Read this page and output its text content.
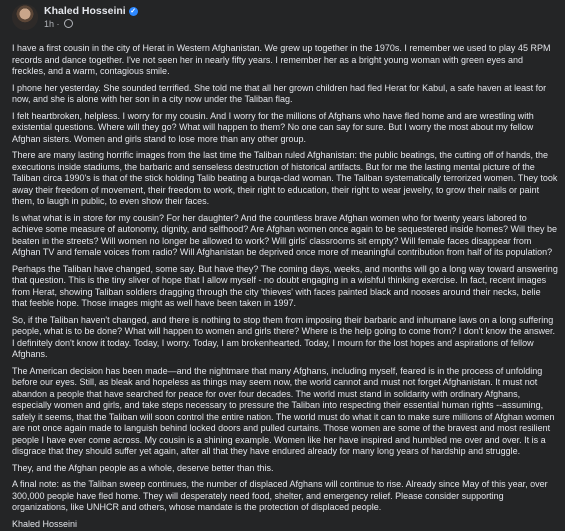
Khaled Hosseini ✓
1h ·

I have a first cousin in the city of Herat in Western Afghanistan. We grew up together in the 1970s. I remember we used to play 45 RPM records and dance together. I've not seen her in nearly fifty years. I remember her as a bright young woman with green eyes and freckles, and a warm, contagious smile.

I phone her yesterday. She sounded terrified. She told me that all her grown children had fled Herat for Kabul, a safe haven at least for now, and she is alone with her son in a city now under the Taliban flag.

I felt heartbroken, helpless. I worry for my cousin. And I worry for the millions of Afghans who have fled home and are wrestling with existential questions. Where will they go? What will happen to them? No one can say for sure. But I worry the most about my fellow Afghan sisters. Women and girls stand to lose more than any other group.

There are many lasting horrific images from the last time the Taliban ruled Afghanistan: the public beatings, the cutting off of hands, the executions inside stadiums, the barbaric and senseless destruction of historical artifacts. But for me the lasting mental picture of the Taliban circa 1990's is that of the stick holding Talib beating a burqa-clad woman. The Taliban systematically terrorized women. They took away their freedom of movement, their freedom to work, their right to education, their right to wear jewelry, to grow their nails or paint them, to laugh in public, to even show their faces.

Is what what is in store for my cousin? For her daughter? And the countless brave Afghan women who for twenty years labored to achieve some measure of autonomy, dignity, and selfhood? Are Afghan women once again to be sequestered inside homes? Will they be beaten in the streets? Will women no longer be allowed to work? Will girls' classrooms sit empty? Will female faces disappear from Afghan TV and female voices from radio? Will Afghanistan be deprived once more of meaningful contribution from half of its population?

Perhaps the Taliban have changed, some say. But have they? The coming days, weeks, and months will go a long way toward answering that question. This is the tiny sliver of hope that I allow myself - no doubt engaging in a wishful thinking exercise. In fact, recent images from Herat, showing Taliban soldiers dragging through the city 'thieves' with faces painted black and nooses around their necks, belie that feeble hope. Those images might as well have been taken in 1997.

So, if the Taliban haven't changed, and there is nothing to stop them from imposing their barbaric and inhumane laws on a long suffering people, what is to be done? What will happen to women and girls there? Where is the help going to come from? I don't know the answer. I definitely don't know it today. Today, I worry. Today, I am brokenhearted. Today, I mourn for the lost hopes and aspirations of fellow Afghans.

The American decision has been made—and the nightmare that many Afghans, including myself, feared is in the process of unfolding before our eyes. Still, as bleak and hopeless as things may seem now, the world cannot and must not forget Afghanistan. It must not abandon a people that have searched for peace for over four decades. The world must stand in solidarity with ordinary Afghans, especially women and girls, and take steps necessary to pressure the Taliban into respecting their essential human rights --assuming, safely it seems, that the Taliban will soon control the entire nation. The world must do what it can to make sure millions of Afghan women are not once again made to languish behind locked doors and pulled curtains. Those women are some of the bravest and most resilient people I have ever come across. My cousin is a shining example. Women like her have inspired and humbled me over and over. It is a disgrace that they should suffer yet again, after all that they have endured already for many long years of hardship and struggle.

They, and the Afghan people as a whole, deserve better than this.

A final note: as the Taliban sweep continues, the number of displaced Afghans will continue to rise. Already since May of this year, over 300,000 people have fled home. They will desperately need food, shelter, and emergency relief. Please consider supporting organizations, like UNHCR and others, whose mandate is the protection of displaced people.

Khaled Hosseini
